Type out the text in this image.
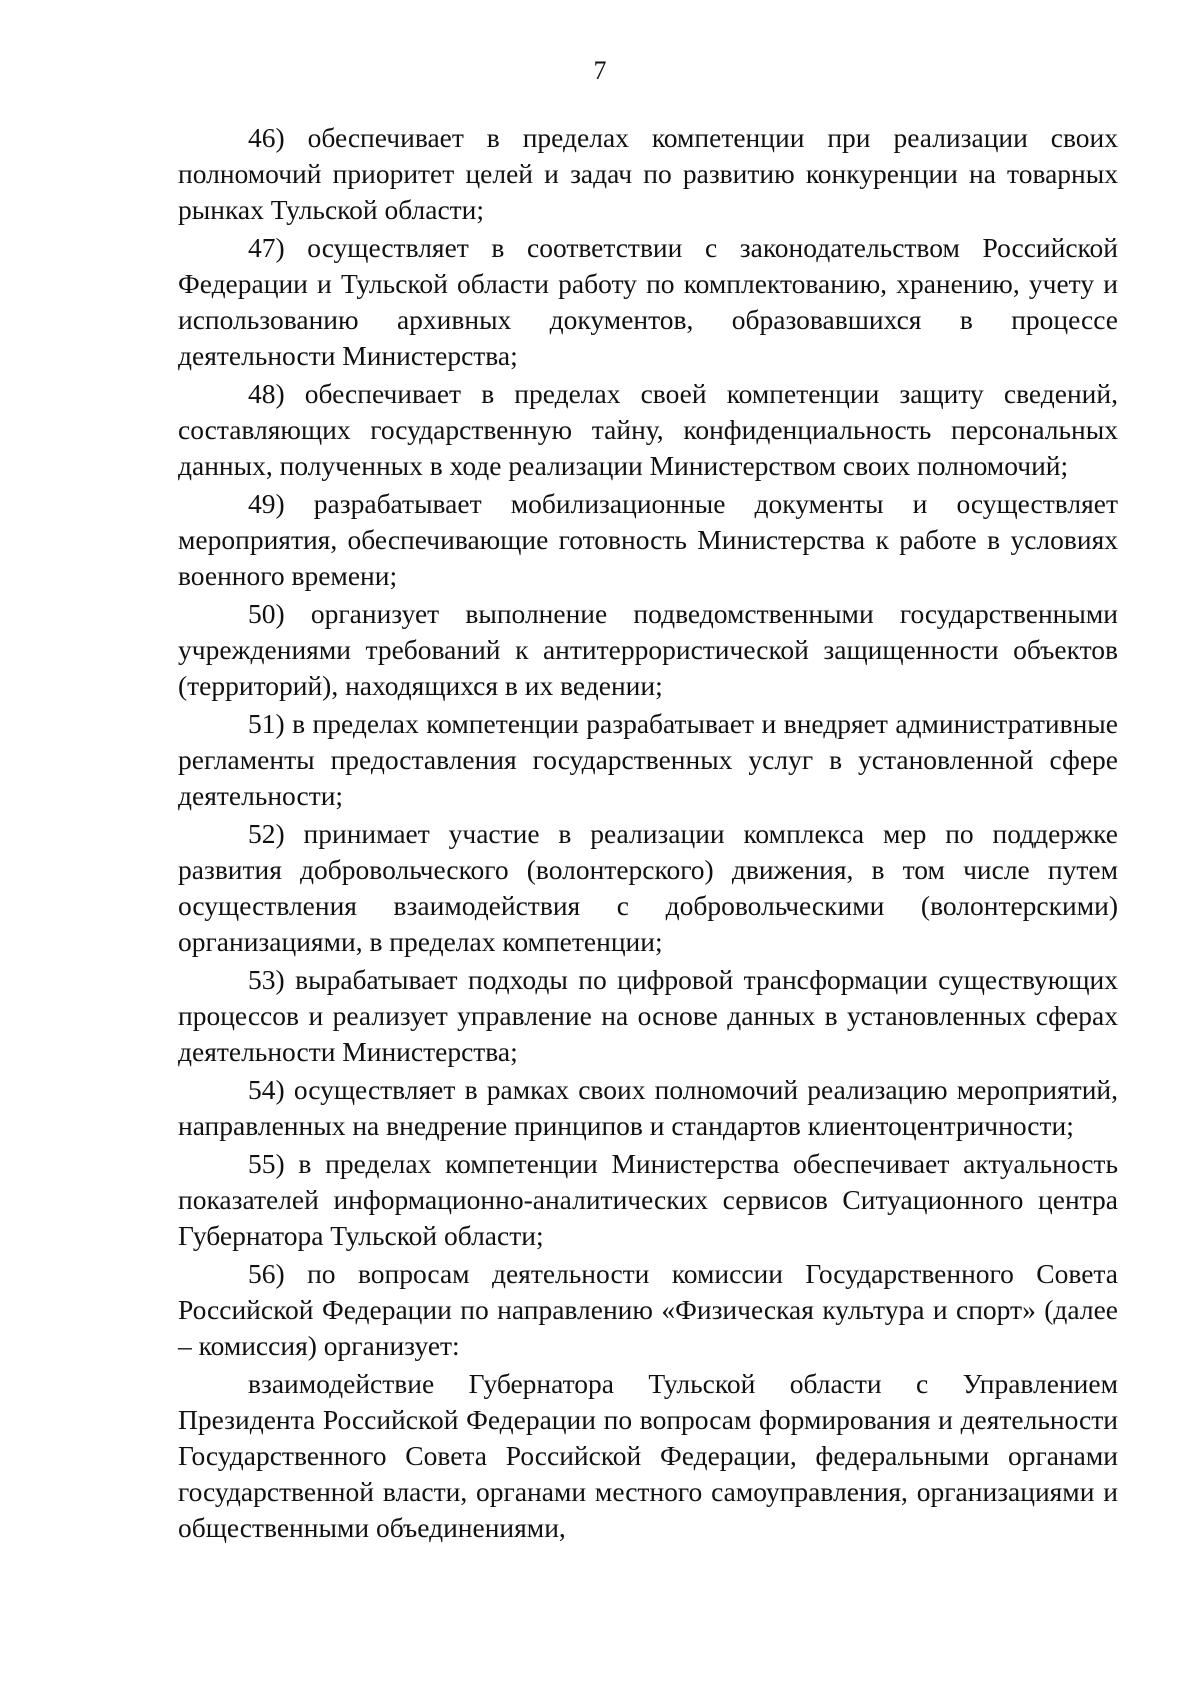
7

46) обеспечивает в пределах компетенции при реализации своих полномочий приоритет целей и задач по развитию конкуренции на товарных рынках Тульской области;

47) осуществляет в соответствии с законодательством Российской Федерации и Тульской области работу по комплектованию, хранению, учету и использованию архивных документов, образовавшихся в процессе деятельности Министерства;

48) обеспечивает в пределах своей компетенции защиту сведений, составляющих государственную тайну, конфиденциальность персональных данных, полученных в ходе реализации Министерством своих полномочий;

49) разрабатывает мобилизационные документы и осуществляет мероприятия, обеспечивающие готовность Министерства к работе в условиях военного времени;

50) организует выполнение подведомственными государственными учреждениями требований к антитеррористической защищенности объектов (территорий), находящихся в их ведении;

51) в пределах компетенции разрабатывает и внедряет административные регламенты предоставления государственных услуг в установленной сфере деятельности;

52) принимает участие в реализации комплекса мер по поддержке развития добровольческого (волонтерского) движения, в том числе путем осуществления взаимодействия с добровольческими (волонтерскими) организациями, в пределах компетенции;

53) вырабатывает подходы по цифровой трансформации существующих процессов и реализует управление на основе данных в установленных сферах деятельности Министерства;

54) осуществляет в рамках своих полномочий реализацию мероприятий, направленных на внедрение принципов и стандартов клиентоцентричности;

55) в пределах компетенции Министерства обеспечивает актуальность показателей информационно-аналитических сервисов Ситуационного центра Губернатора Тульской области;

56) по вопросам деятельности комиссии Государственного Совета Российской Федерации по направлению «Физическая культура и спорт» (далее – комиссия) организует:

взаимодействие Губернатора Тульской области с Управлением Президента Российской Федерации по вопросам формирования и деятельности Государственного Совета Российской Федерации, федеральными органами государственной власти, органами местного самоуправления, организациями и общественными объединениями,
